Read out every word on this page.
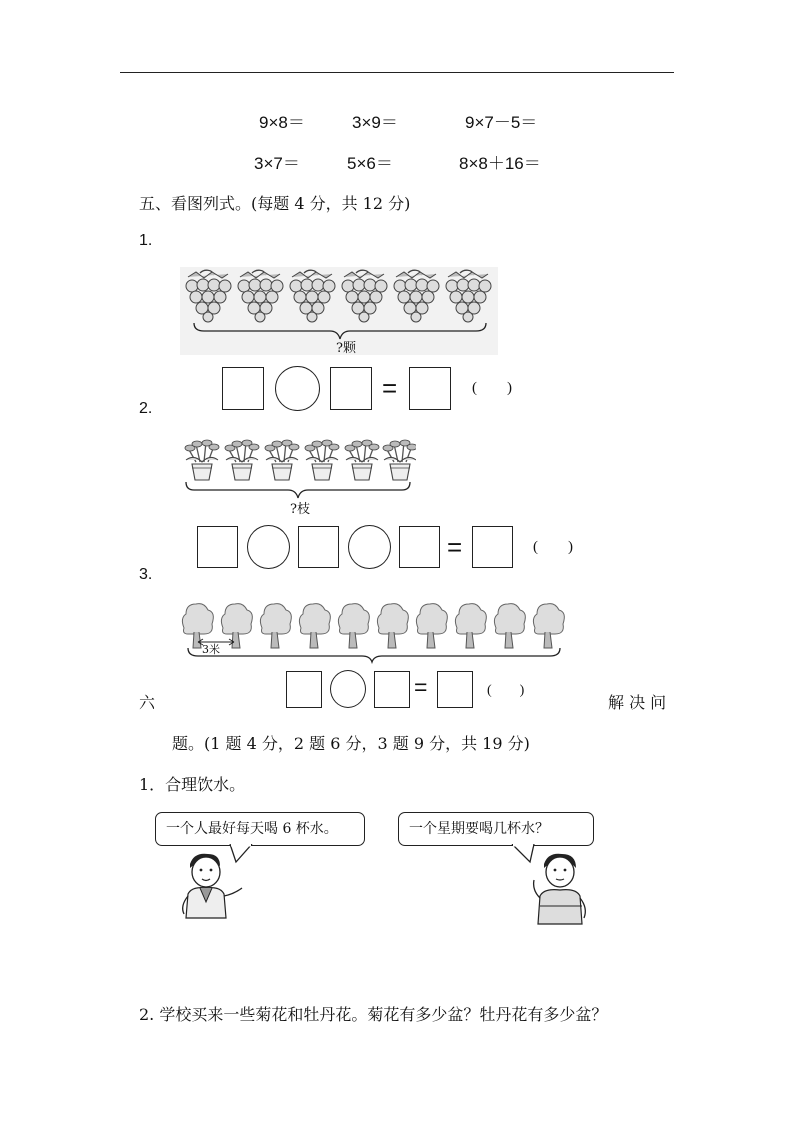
9×8＝	3×9＝	9×7－5＝
3×7＝	5×6＝	8×8＋16＝
五、看图列式。(每题 4 分，共 12 分)
1.
?颗
=	(　　)
2.
?枝
=	(　　)
3.
3米
=	(　　)
六	解 决 问
题。(1 题 4 分，2 题 6 分，3 题 9 分，共 19 分)
1．合理饮水。
一个人最好每天喝 6 杯水。	一个星期要喝几杯水？
2. 学校买来一些菊花和牡丹花。菊花有多少盆？牡丹花有多少盆？
